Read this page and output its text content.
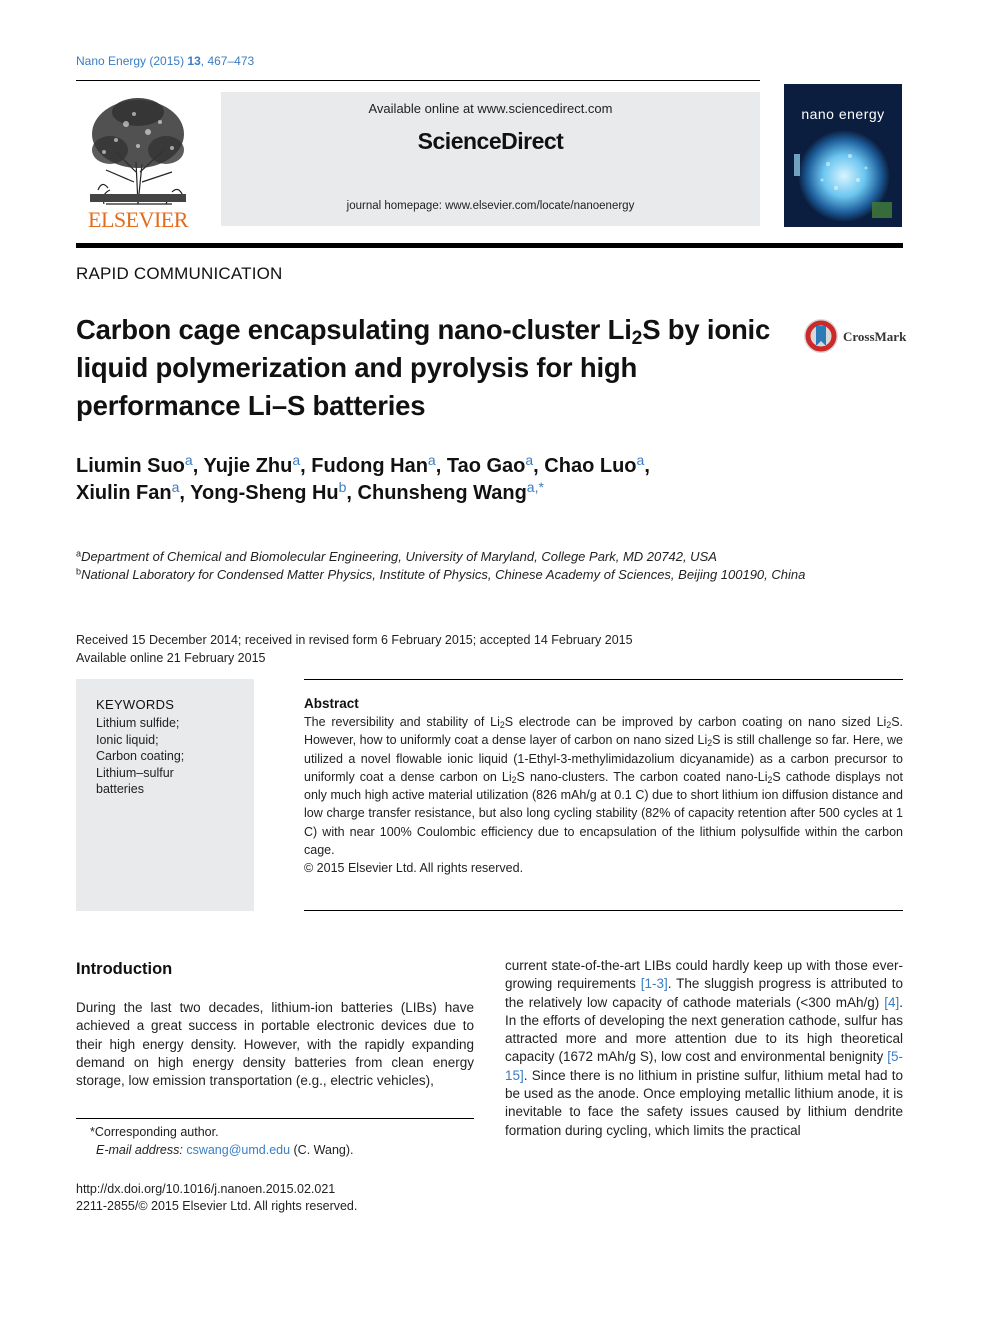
Nano Energy (2015) 13, 467–473
ELSEVIER
Available online at www.sciencedirect.com
ScienceDirect
journal homepage: www.elsevier.com/locate/nanoenergy
nano energy
RAPID COMMUNICATION
Carbon cage encapsulating nano-cluster $Li_2S$ by ionic liquid polymerization and pyrolysis for high performance Li–S batteries
CrossMark
Liumin Suo$^a$, Yujie Zhu$^a$, Fudong Han$^a$, Tao Gao$^a$, Chao Luo$^a$,
Xiulin Fan$^a$, Yong-Sheng Hu$^b$, Chunsheng Wang$^{a,*}$
$^a$Department of Chemical and Biomolecular Engineering, University of Maryland, College Park, MD 20742, USA
$^b$National Laboratory for Condensed Matter Physics, Institute of Physics, Chinese Academy of Sciences, Beijing 100190, China
Received 15 December 2014; received in revised form 6 February 2015; accepted 14 February 2015
Available online 21 February 2015
KEYWORDS
Lithium sulfide;
Ionic liquid;
Carbon coating;
Lithium–sulfur batteries
Abstract
The reversibility and stability of $Li_2S$ electrode can be improved by carbon coating on nano sized $Li_2S$. However, how to uniformly coat a dense layer of carbon on nano sized $Li_2S$ is still challenge so far. Here, we utilized a novel flowable ionic liquid (1-Ethyl-3-methylimidazolium dicyanamide) as a carbon precursor to uniformly coat a dense carbon on $Li_2S$ nano-clusters. The carbon coated nano-$Li_2S$ cathode displays not only much high active material utilization (826 mAh/g at 0.1 C) due to short lithium ion diffusion distance and low charge transfer resistance, but also long cycling stability (82% of capacity retention after 500 cycles at 1 C) with near 100% Coulombic efficiency due to encapsulation of the lithium polysulfide within the carbon cage.
© 2015 Elsevier Ltd. All rights reserved.
Introduction
During the last two decades, lithium-ion batteries (LIBs) have achieved a great success in portable electronic devices due to their high energy density. However, with the rapidly expanding demand on high energy density batteries from clean energy storage, low emission transportation (e.g., electric vehicles),
current state-of-the-art LIBs could hardly keep up with those ever-growing requirements [1-3]. The sluggish progress is attributed to the relatively low capacity of cathode materials (<300 mAh/g) [4]. In the efforts of developing the next generation cathode, sulfur has attracted more and more attention due to its high theoretical capacity (1672 mAh/g S), low cost and environmental benignity [5-15]. Since there is no lithium in pristine sulfur, lithium metal had to be used as the anode. Once employing metallic lithium anode, it is inevitable to face the safety issues caused by lithium dendrite formation during cycling, which limits the practical
*Corresponding author.
E-mail address: cswang@umd.edu (C. Wang).
http://dx.doi.org/10.1016/j.nanoen.2015.02.021
2211-2855/© 2015 Elsevier Ltd. All rights reserved.
